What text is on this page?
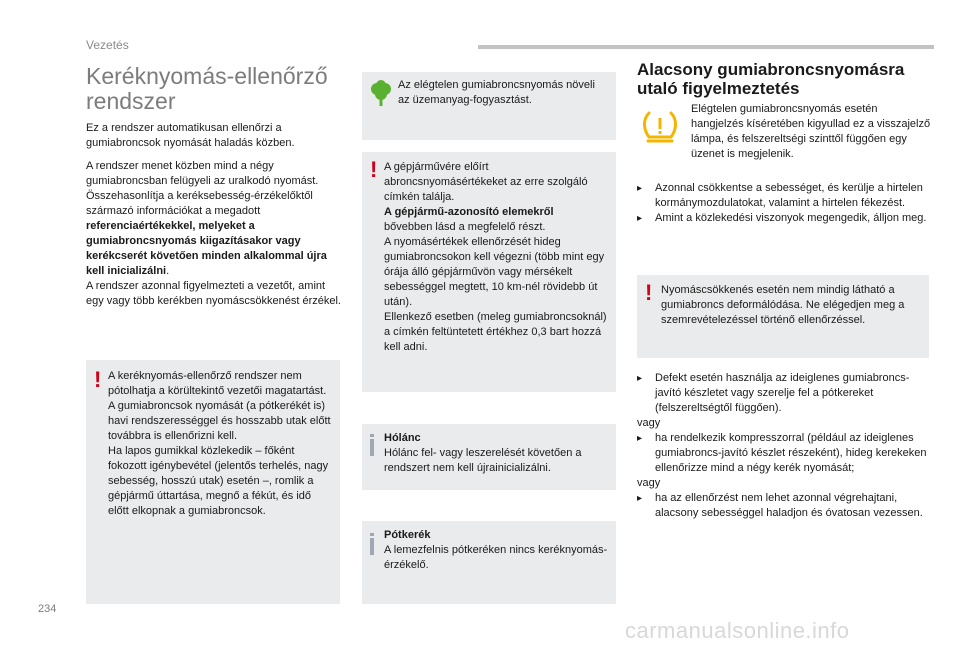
Vezetés
Keréknyomás-ellenőrző rendszer

Ez a rendszer automatikusan ellenőrzi a gumiabroncsok nyomását haladás közben.

A rendszer menet közben mind a négy gumiabroncsban felügyeli az uralkodó nyomást. Összehasonlítja a keréksebesség-érzékelőktől származó információkat a megadott referenciaértékekkel, melyeket a gumiabroncsnyomás kiigazításakor vagy kerékcserét követően minden alkalommal újra kell inicializálni.

A rendszer azonnal figyelmezteti a vezetőt, amint egy vagy több kerékben nyomáscsökkenést érzékel.

! A keréknyomás-ellenőrző rendszer nem pótolhatja a körültekintő vezetői magatartást.
A gumiabroncsok nyomását (a pótkerékét is) havi rendszerességgel és hosszabb utak előtt továbbra is ellenőrizni kell.
Ha lapos gumikkal közlekedik – főként fokozott igénybevétel (jelentős terhelés, nagy sebesség, hosszú utak) esetén –, romlik a gépjármű úttartása, megnő a fékút, és idő előtt elkopnak a gumiabroncsok.
Az elégtelen gumiabroncsnyomás növeli az üzemanyag-fogyasztást.
! A gépjárművére előírt abroncsnyomásértékeket az erre szolgáló címkén találja.
A gépjármű-azonosító elemekről
bővebben lásd a megfelelő részt.
A nyomásértékek ellenőrzését hideg gumiabroncsokon kell végezni (több mint egy órája álló gépjárművön vagy mérsékelt sebességgel megtett, 10 km-nél rövidebb út után).
Ellenkező esetben (meleg gumiabroncsoknál) a címkén feltüntetett értékhez 0,3 bart hozzá kell adni.
Hólánc
Hólánc fel- vagy leszerelését követően a rendszert nem kell újrainicializálni.
Pótkerék
A lemezfelnis pótkeréken nincs keréknyomás-érzékelő.
Alacsony gumiabroncsnyomásra utaló figyelmeztetés
Elégtelen gumiabroncsnyomás esetén hangjelzés kíséretében kigyullad ez a visszajelző lámpa, és felszereltségi szinttől függően egy üzenet is megjelenik.
▸ Azonnal csökkentse a sebességet, és kerülje a hirtelen kormánymozdulatokat, valamint a hirtelen fékezést.
▸ Amint a közlekedési viszonyok megengedik, álljon meg.
! Nyomáscsökkenés esetén nem mindig látható a gumiabroncs deformálódása. Ne elégedjen meg a szemrevételezéssel történő ellenőrzéssel.
▸ Defekt esetén használja az ideiglenes gumiabroncs-javító készletet vagy szerelje fel a pótkereket (felszereltségtől függően).
vagy
▸ ha rendelkezik kompresszorral (például az ideiglenes gumiabroncs-javító készlet részeként), hideg kerekeken ellenőrizze mind a négy kerék nyomását;
vagy
▸ ha az ellenőrzést nem lehet azonnal végrehajtani, alacsony sebességgel haladjon és óvatosan vezessen.
234
carmanualsonline.info
